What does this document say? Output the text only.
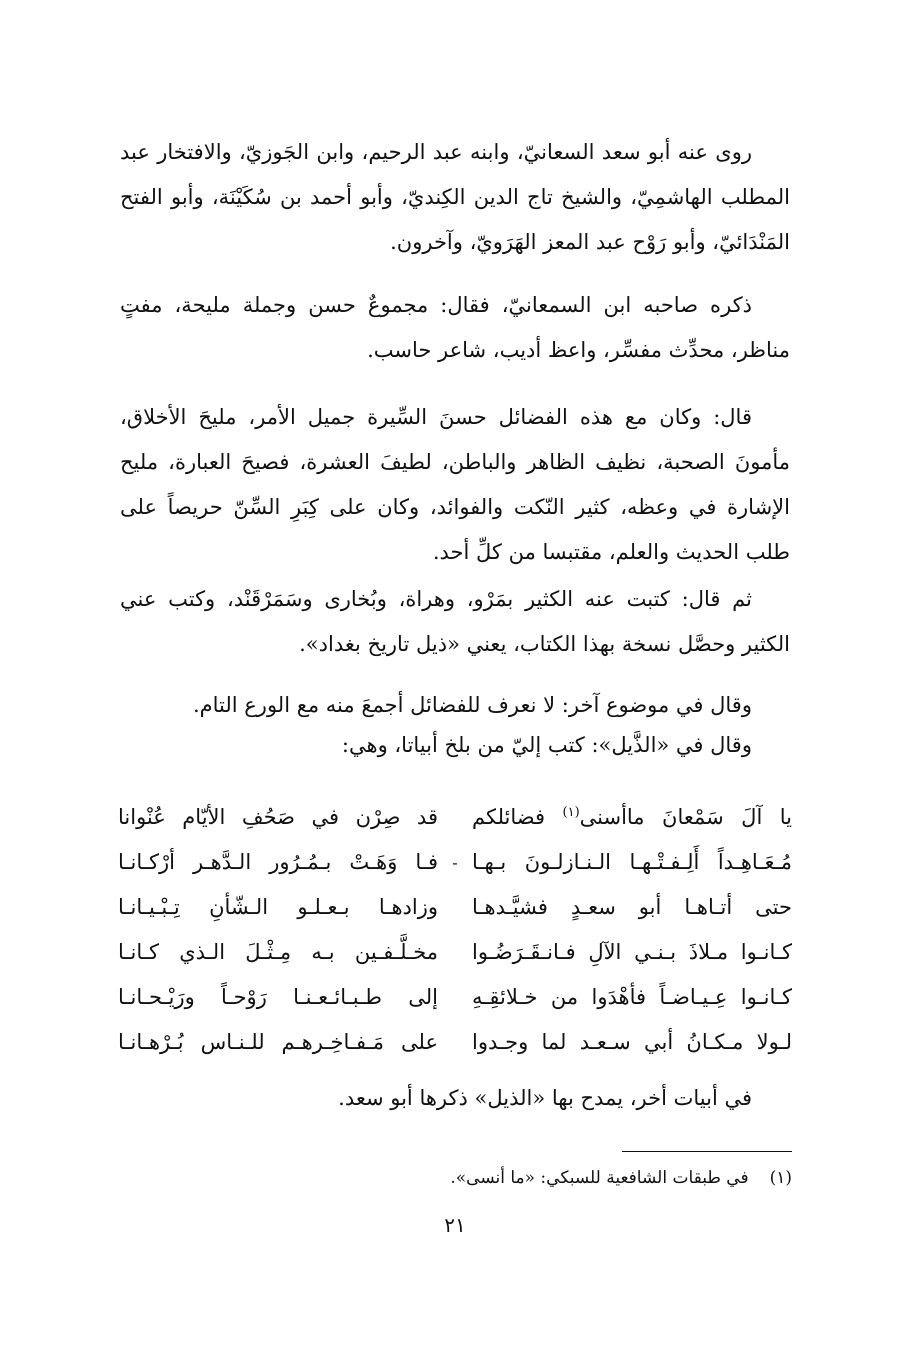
روى عنه أبو سعد السعانيّ، وابنه عبد الرحيم، وابن الجَوزيّ، والافتخار عبد المطلب الهاشمِيّ، والشيخ تاج الدين الكِنديّ، وأبو أحمد بن سُكَيْنَة، وأبو الفتح المَنْدَائيّ، وأبو رَوْح عبد المعز الهَرَويّ، وآخرون.

ذكره صاحبه ابن السمعانيّ، فقال: مجموعٌ حسن وجملة مليحة، مفتٍ مناظر، محدِّث مفسِّر، واعظ أديب، شاعر حاسب.

قال: وكان مع هذه الفضائل حسنَ السِّيرة جميل الأمر، مليحَ الأخلاق، مأمونَ الصحبة، نظيف الظاهر والباطن، لطيفَ العشرة، فصيحَ العبارة، مليح الإشارة في وعظه، كثير النّكت والفوائد، وكان على كِبَرِ السِّنّ حريصاً على طلب الحديث والعلم، مقتبسا من كلِّ أحد.

ثم قال: كتبت عنه الكثير بمَرْو، وهراة، وبُخارى وسَمَرْقَنْد، وكتب عني الكثير وحصَّل نسخة بهذا الكتاب، يعني «ذيل تاريخ بغداد».

وقال في موضوع آخر: لا نعرف للفضائل أجمعَ منه مع الورع التام.

وقال في «الذَّيل»: كتب إليّ من بلخ أبياتا، وهي:

يا آلَ سَمْعانَ ماأسنى$^{(١)}$ فضائلكم
قد صِرْن في صَحُفِ الأيّام عُنْوانا
مُـعَـاهِـداً أَلِـفـتْـهـا الـنـازلـونَ بـهـا
-
فـا وَهَـتْ بـمُـرُور الـدَّهـر أرْكـانـا
حتى أتـاهـا أبو سعـدٍ فشيَّـدهـا
وزادهـا بـعـلـو الـشّأنِ تِـبْـيـانـا
كـانـوا مـلاذَ بـنـي الآلِ فـانـقَـرَضُـوا
مخـلَّـفـين بـه مِـثْـلَ الـذي كـانـا
كـانـوا عِـيـاضـاً فأهْدَوا من خـلائقِـهِ
إلى طـبـائـعـنـا رَوْحـاً ورَيْـحـانـا
لـولا مـكـانُ أبي سـعـد لما وجـدوا
على مَـفـاخِـرهـم للـنـاس بُـرْهـانـا

في أبيات أخر، يمدح بها «الذيل» ذكرها أبو سعد.

(١) في طبقات الشافعية للسبكي: «ما أنسى».
٢١
